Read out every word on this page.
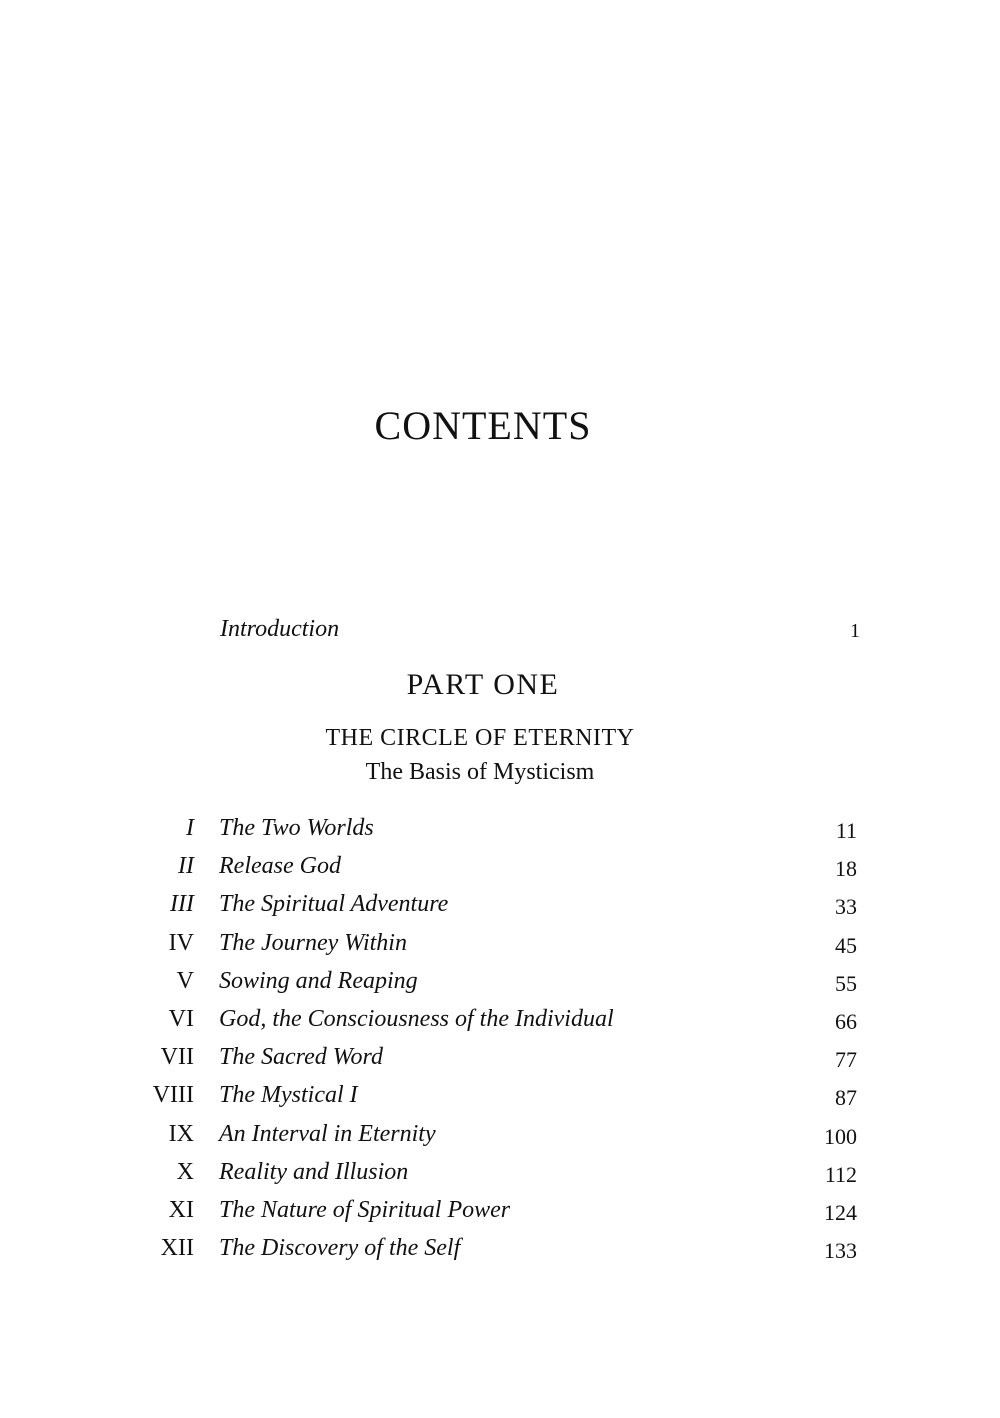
CONTENTS
Introduction	1
PART ONE
THE CIRCLE OF ETERNITY
The Basis of Mysticism
I The Two Worlds	11
II Release God	18
III The Spiritual Adventure	33
IV The Journey Within	45
V Sowing and Reaping	55
VI God, the Consciousness of the Individual	66
VII The Sacred Word	77
VIII The Mystical I	87
IX An Interval in Eternity	100
X Reality and Illusion	112
XI The Nature of Spiritual Power	124
XII The Discovery of the Self	133
